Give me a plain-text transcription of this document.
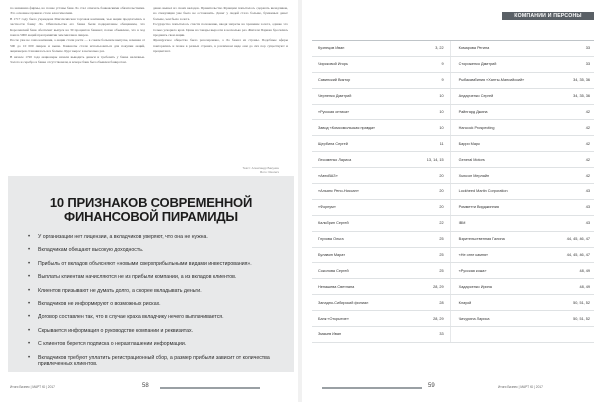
по названию фирмы, но позже уставы банк Ло стал отвечать банковскими обязательствами. Это основное правило стало классическим.

В 1717 году была учреждена Миссисипская торговая компания, чьи акции предлагались в частности банку Ло. Обязательства его банка были подкреплены обещанием, что Королевский банк обеспечит выпуск на 30 процентов банкнот, позже объявлено, что в ход пошла 5000 акций при принятии чем миллион ливров.

После уже не сама компания, а акции стали расти — в самом большом выпуске, начиная от 500 до 10 000 ливров и выше. Банкноты стали использоваться для покупки акций, акционеров становилось все больше. Курс вырос в несколько раз.

В начале 1720 года акционеры начали выводить деньги и требовать у банка наличные. Золото и серебро в банке отсутствовали, и вскоре банк был объявлен банкротом.

давно вышел из своих вкладов. Правительство Франции попыталось сдержать вкладчиков, но спекуляция уже было не остановить. Денег у людей стало больше, бумажных денег больше, чем было золота.

Государство попыталось спасти положение, вводя запреты на хранение золота, однако это только ускорило крах. Цены на товары выросли в несколько раз. Жители Парижа бросились продавать свои акции.

Французское общество было разочаровано, а Ло бежал из страны. Подобные аферы повторялись и позже в разных странах, в различном виде они до сих пор существуют и процветают.

Текст: Александр Бакунин
Фото: Reuters
10 ПРИЗНАКОВ СОВРЕМЕННОЙ ФИНАНСОВОЙ ПИРАМИДЫ
• У организации нет лицензии, а вкладчиков уверяют, что она не нужна.
• Вкладчикам обещают высокую доходность.
• Прибыль от вкладов объясняют «новыми сверхприбыльными видами инвестирования».
• Выплаты клиентам начисляются не из прибыли компании, а из вкладов клиентов.
• Клиентов призывают не думать долго, а скорее вкладывать деньги.
• Вкладчиков не информируют о возможных рисках.
• Договор составлен так, что в случае краха вкладчику нечего выплачивается.
• Скрывается информация о руководстве компании и реквизитах.
• С клиентов берется подписка о неразглашении информации.
• Вкладчиков требуют уплатить регистрационный сбор, а размер прибыли зависит от количества привлеченных клиентов.
Итоги Бизнес | МАРТ Ю | 2017	58
КОМПАНИИ И ПЕРСОНЫ
Кузнецов Иван	3, 22	Комарова Регина	33
Чирсковой Игорь	9	Стороженко Дмитрий	33
Савинский Виктор	9	Рыбакамбиния «Ханты-Мансийский»	34, 35, 36
Черненко Дмитрий	10	Андарченко Сергей	34, 35, 36
«Русская оптика»	10	Райнгард Джина	42
Завод «Комсомольская правда»	10	Hancock Prospecting	42
Щербина Сергей	11	Барри Марк	42
Лесоменко Лариса	13, 14, 15	General Motors	42
«АвтоВАЗ»	20	Хьюсон Мерлайн	42
«Альянс Рено-Ниссан»	20	Lockheed Martin Corporation	43
«Форпум»	20	Ромметти Вирджинния	43
Кальбрин Сергей	22	IBM	43
Глухова Ольга	25	Взрительственная Галина	44, 45, 46, 47
Булавин Марат	25	«Не огне камня»	44, 45, 46, 47
Соколова Сергей	25	«Русская кожа»	48, 49
Ненашева Светлана	28, 29	Хадарсенко Ирина	48, 49
Западно-Сибирский филиал	28	Клауой	50, 51, 52
Банк «Открытие»	28, 29	Чичурина Лариса	50, 51, 52
Змаьев Иван	33
59	Итоги Бизнес | МАРТ Ю | 2017
